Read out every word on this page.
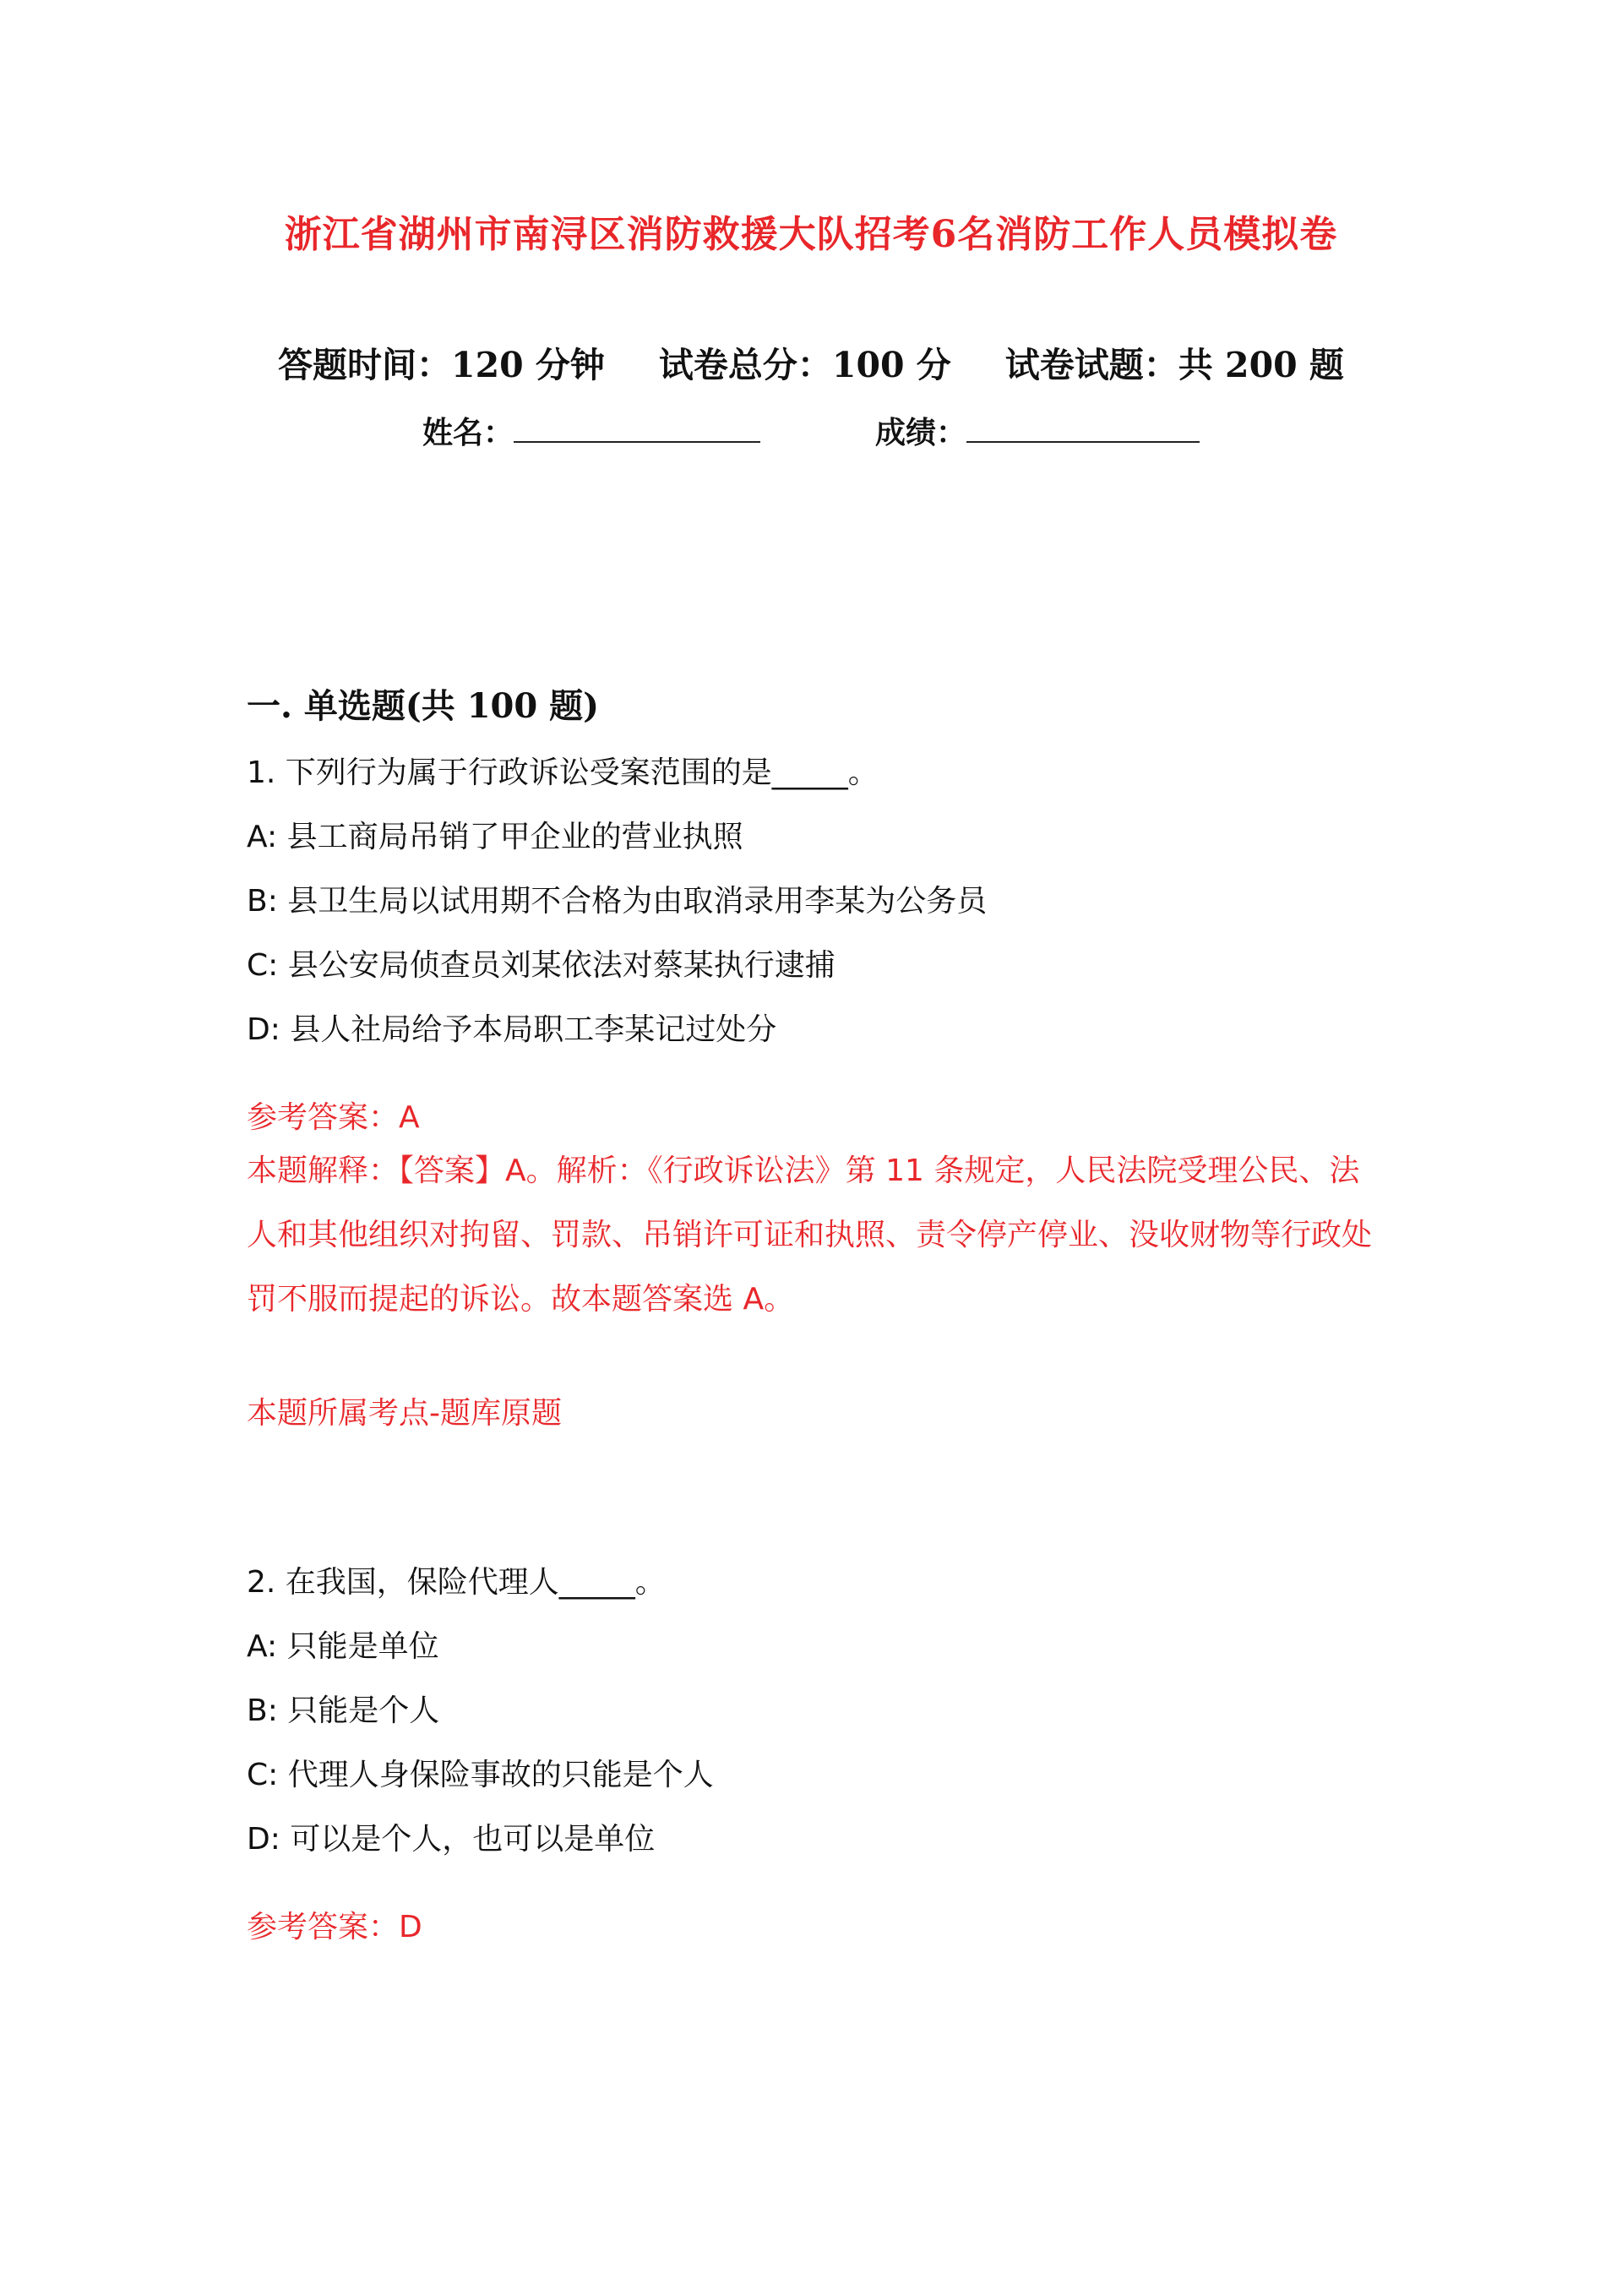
浙江省湖州市南浔区消防救援大队招考6名消防工作人员模拟卷
答题时间：120 分钟 试卷总分：100 分 试卷试题：共 200 题
姓名：	成绩：
一. 单选题(共 100 题)
1. 下列行为属于行政诉讼受案范围的是_____。
A: 县工商局吊销了甲企业的营业执照
B: 县卫生局以试用期不合格为由取消录用李某为公务员
C: 县公安局侦查员刘某依法对蔡某执行逮捕
D: 县人社局给予本局职工李某记过处分
参考答案：A

本题解释：【答案】A。解析：《行政诉讼法》第 11 条规定，人民法院受理公民、法人和其他组织对拘留、罚款、吊销许可证和执照、责令停产停业、没收财物等行政处罚不服而提起的诉讼。故本题答案选 A。

本题所属考点-题库原题
2. 在我国，保险代理人_____。
A: 只能是单位
B: 只能是个人
C: 代理人身保险事故的只能是个人
D: 可以是个人，也可以是单位
参考答案：D
